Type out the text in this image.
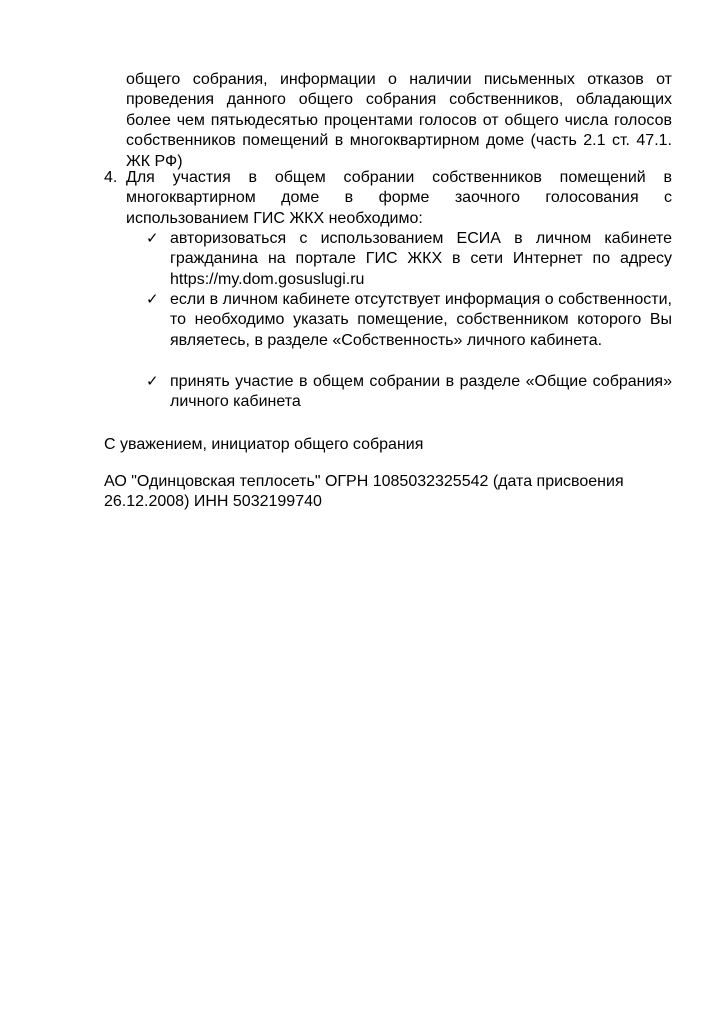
общего собрания, информации о наличии письменных отказов от проведения данного общего собрания собственников, обладающих более чем пятьюдесятью процентами голосов от общего числа голосов собственников помещений в многоквартирном доме (часть 2.1 ст. 47.1. ЖК РФ)
4. Для участия в общем собрании собственников помещений в многоквартирном доме в форме заочного голосования с использованием ГИС ЖКХ необходимо:
✓ авторизоваться с использованием ЕСИА в личном кабинете гражданина на портале ГИС ЖКХ в сети Интернет по адресу https://my.dom.gosuslugi.ru
✓ если в личном кабинете отсутствует информация о собственности, то необходимо указать помещение, собственником которого Вы являетесь, в разделе «Собственность» личного кабинета.
✓ принять участие в общем собрании в разделе «Общие собрания» личного кабинета
С уважением, инициатор общего собрания
АО "Одинцовская теплосеть" ОГРН 1085032325542 (дата присвоения 26.12.2008) ИНН 5032199740
